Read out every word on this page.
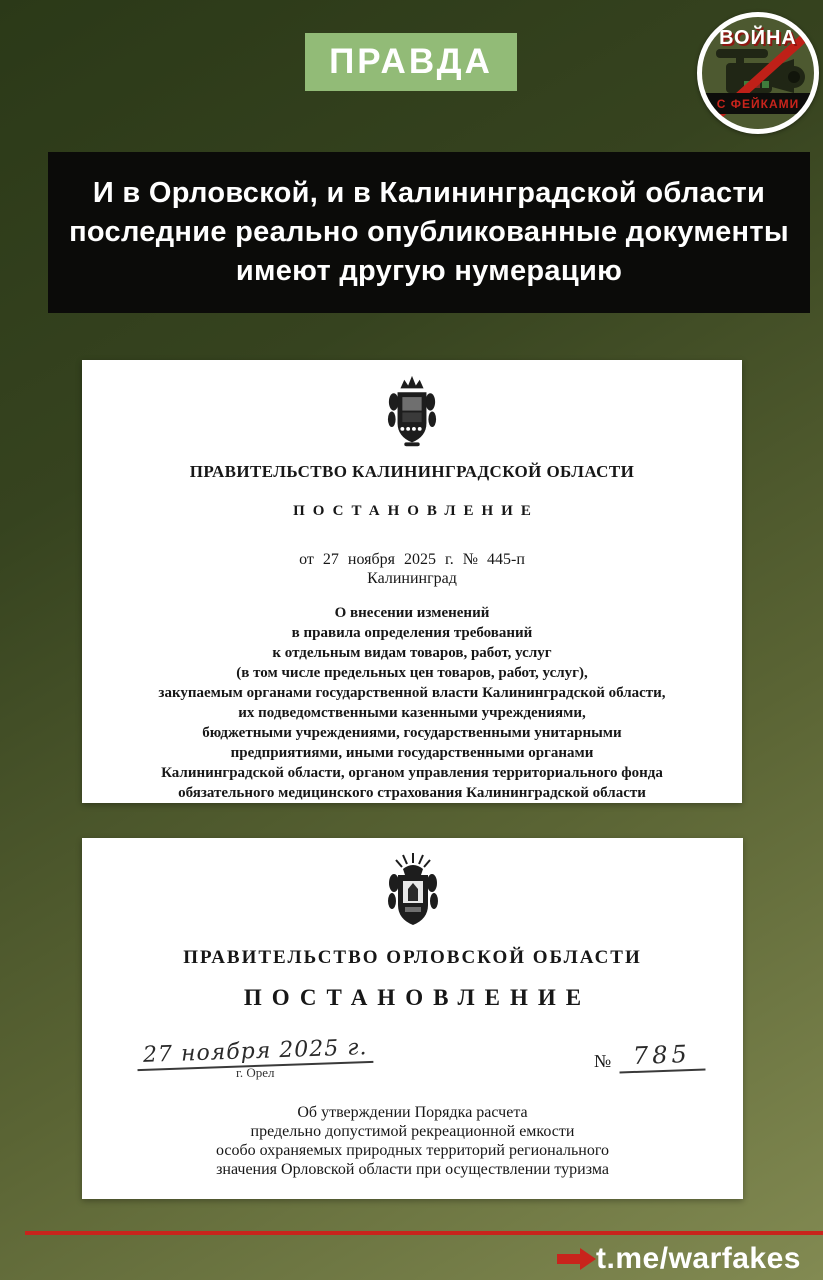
ПРАВДА
ВОЙНА
С ФЕЙКАМИ
И в Орловской, и в Калининградской области
последние реально опубликованные документы
имеют другую нумерацию
ПРАВИТЕЛЬСТВО КАЛИНИНГРАДСКОЙ ОБЛАСТИ
ПОСТАНОВЛЕНИЕ
от 27 ноября 2025 г. № 445-п
Калининград
О внесении изменений
в правила определения требований
к отдельным видам товаров, работ, услуг
(в том числе предельных цен товаров, работ, услуг),
закупаемым органами государственной власти Калининградской области,
их подведомственными казенными учреждениями,
бюджетными учреждениями, государственными унитарными
предприятиями, иными государственными органами
Калининградской области, органом управления территориального фонда
обязательного медицинского страхования Калининградской области
ПРАВИТЕЛЬСТВО ОРЛОВСКОЙ ОБЛАСТИ
ПОСТАНОВЛЕНИЕ
27 ноября 2025 г.
г. Орел
№ 785
Об утверждении Порядка расчета
предельно допустимой рекреационной емкости
особо охраняемых природных территорий регионального
значения Орловской области при осуществлении туризма
t.me/warfakes
